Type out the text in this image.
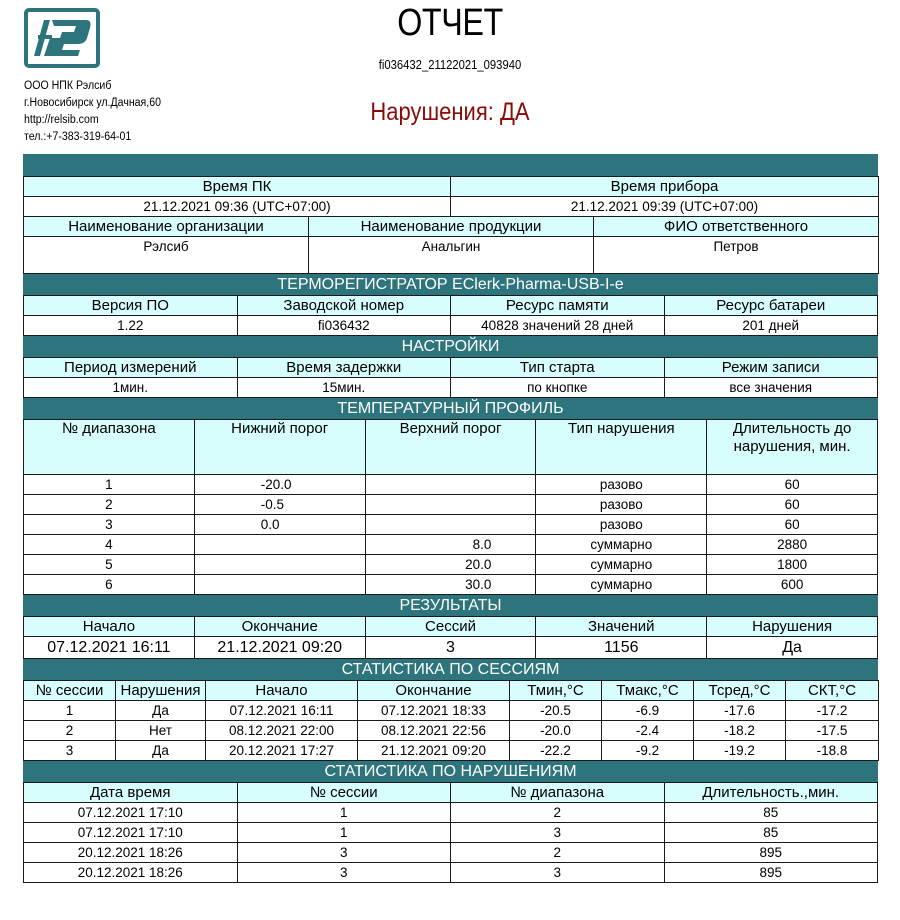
ООО НПК Рэлсиб
г.Новосибирск ул.Дачная,60
http://relsib.com
тел.:+7-383-319-64-01
ОТЧЕТ
fi036432_21122021_093940
Нарушения: ДА
Время ПК		Время прибора	
21.12.2021 09:36 (UTC+07:00)		21.12.2021 09:39 (UTC+07:00)	
Наименование организации	Наименование продукции		ФИО ответственного
Рэлсиб	Анальгин		Петров
ТЕРМОРЕГИСТРАТОР EClerk-Pharma-USB-I-e
Версия ПО	Заводской номер	Ресурс памяти	Ресурс батареи
1.22	fi036432	40828 значений 28 дней	201 дней
НАСТРОЙКИ
Период измерений	Время задержки	Тип старта	Режим записи
1мин.	15мин.	по кнопке	все значения
ТЕМПЕРАТУРНЫЙ ПРОФИЛЬ
№ диапазона	Нижний порог	Верхний порог	Тип нарушения	Длительность до нарушения, мин.
1	-20.0		разово	60
2	-0.5		разово	60
3	0.0		разово	60
4		8.0	суммарно	2880
5		20.0	суммарно	1800
6		30.0	суммарно	600
РЕЗУЛЬТАТЫ
Начало	Окончание	Сессий	Значений	Нарушения
07.12.2021 16:11	21.12.2021 09:20	3	1156	Да
СТАТИСТИКА ПО СЕССИЯМ
№ сессии	Нарушения	Начало	Окончание	Тмин,°C	Тмакс,°C	Тсред,°C	СКТ,°C
1	Да	07.12.2021 16:11	07.12.2021 18:33	-20.5	-6.9	-17.6	-17.2
2	Нет	08.12.2021 22:00	08.12.2021 22:56	-20.0	-2.4	-18.2	-17.5
3	Да	20.12.2021 17:27	21.12.2021 09:20	-22.2	-9.2	-19.2	-18.8
СТАТИСТИКА ПО НАРУШЕНИЯМ
Дата время	№ сессии	№ диапазона	Длительность.,мин.
07.12.2021 17:10	1	2	85
07.12.2021 17:10	1	3	85
20.12.2021 18:26	3	2	895
20.12.2021 18:26	3	3	895
